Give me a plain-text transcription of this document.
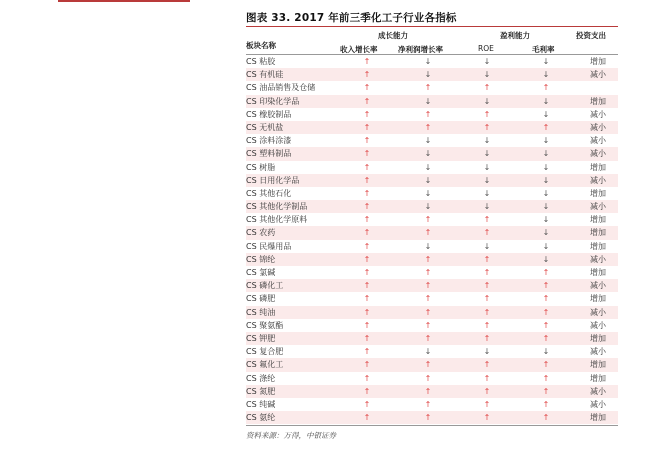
图表 33. 2017 年前三季化工子行业各指标
板块名称
成长能力
收入增长率	净利润增长率
盈利能力
ROE	毛利率
投资支出
CS 粘胶	↑	↓	↓	↓	增加
CS 有机硅	↑	↓	↓	↓	减小
CS 油品销售及仓储	↑	↑	↑	↑
CS 印染化学品	↑	↓	↓	↓	增加
CS 橡胶制品	↑	↑	↑	↓	减小
CS 无机盐	↑	↑	↑	↑	减小
CS 涂料涂漆	↑	↓	↓	↓	减小
CS 塑料制品	↑	↓	↓	↓	减小
CS 树脂	↑	↓	↓	↓	增加
CS 日用化学品	↑	↓	↓	↓	减小
CS 其他石化	↑	↓	↓	↓	增加
CS 其他化学制品	↑	↓	↓	↓	减小
CS 其他化学原料	↑	↑	↑	↓	增加
CS 农药	↑	↑	↑	↓	增加
CS 民爆用品	↑	↓	↓	↓	增加
CS 锦纶	↑	↑	↑	↓	减小
CS 氯碱	↑	↑	↑	↑	增加
CS 磷化工	↑	↑	↑	↑	减小
CS 磷肥	↑	↑	↑	↑	增加
CS 纯油	↑	↑	↑	↑	减小
CS 聚氨酯	↑	↑	↑	↑	减小
CS 钾肥	↑	↑	↑	↑	增加
CS 复合肥	↑	↓	↓	↓	减小
CS 氟化工	↑	↑	↑	↑	增加
CS 涤纶	↑	↑	↑	↑	增加
CS 氮肥	↑	↑	↑	↑	减小
CS 纯碱	↑	↑	↑	↑	减小
CS 氨纶	↑	↑	↑	↑	增加
资料来源：万得，中银证券
